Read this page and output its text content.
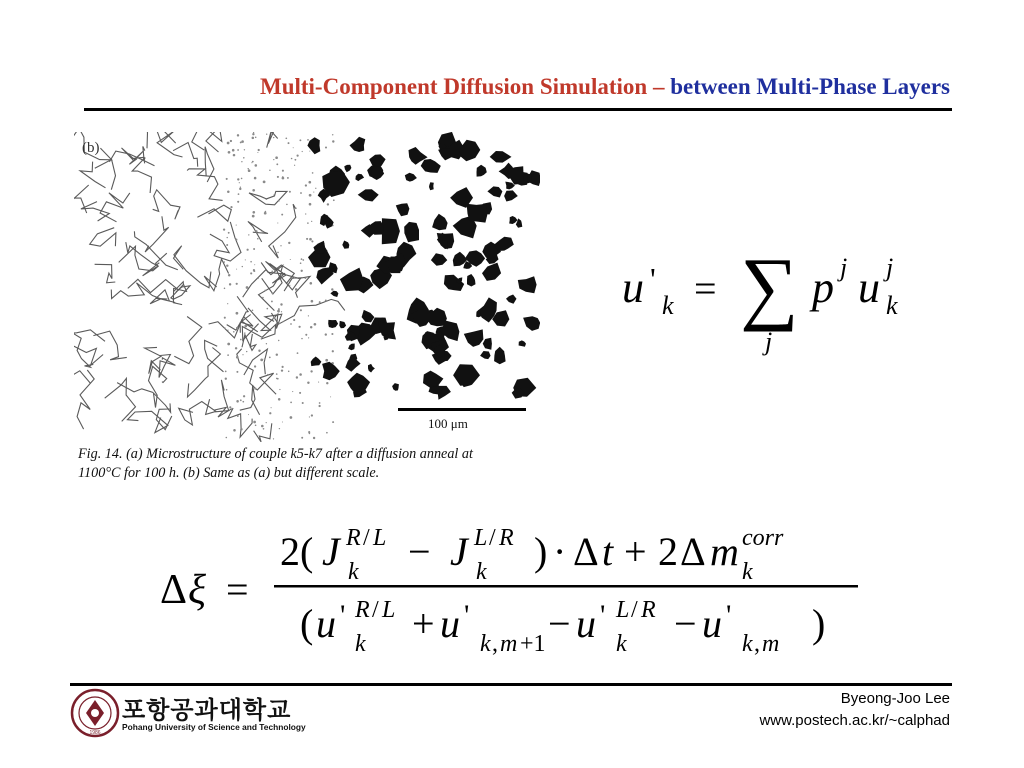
Multi-Component Diffusion Simulation – between Multi-Phase Layers
(b)
100 μm
Fig. 14. (a) Microstructure of couple k5-k7 after a diffusion anneal at
1100°C for 100 h. (b) Same as (a) but different scale.
u '
k = ∑
j
p j u j
k
Δ ξ =
2( J R / L
k − J L / R
k ) · Δ t + 2 Δ m corr
k
( u ' R / L
k + u '
k , m +1 − u ' L / R
k − u '
k , m )
1986
포항공과대학교
Pohang University of Science and Technology
Byeong-Joo Lee
www.postech.ac.kr/~calphad
